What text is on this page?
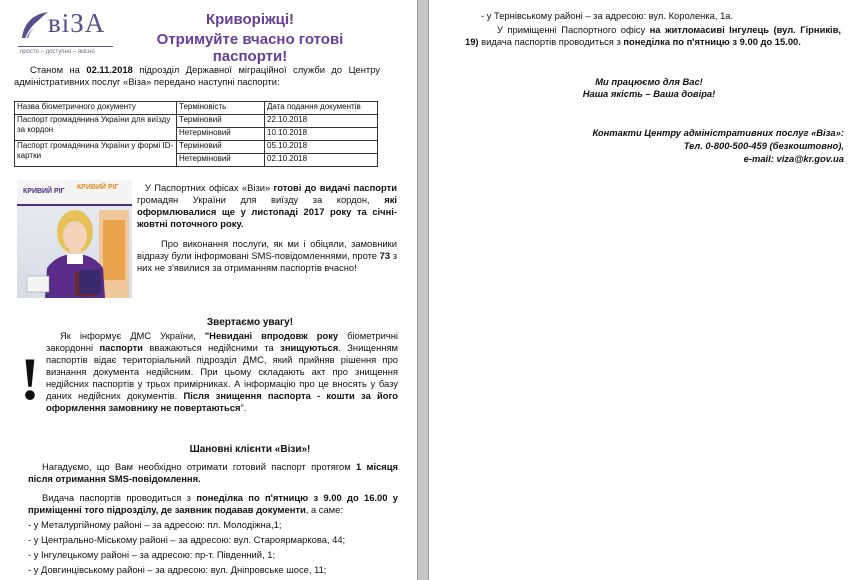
віЗА
просто – доступно – якісно
Криворіжці!
Отримуйте вчасно готові паспорти!
Станом на 02.11.2018 підрозділ Державної міграційної служби до Центру адміністративних послуг «Віза» передано наступні паспорти:
Назва біометричного документу	Терміновість	Дата подання документів
Паспорт громадянина України для виїзду за кордон	Терміновий	22.10.2018
	Нетерміновий	10.10.2018
Паспорт громадянина України у формі ID-картки	Терміновий	05.10.2018
	Нетерміновий	02.10.2018
КРИВИЙ РІГ
КРИВИЙ РІГ	У Паспортних офісах «Візи» готові до видачі паспорти громадян України для виїзду за кордон, які оформлювалися ще у листопаді 2017 року та січні-жовтні поточного року.
Про виконання послуги, як ми і обіцяли, замовники відразу були інформовані SMS-повідомленнями, проте 73 з них не з'явилися за отриманням паспортів вчасно!
Звертаємо увагу!
!
Як інформує ДМС України, "Невидані впродовж року біометричні закордонні паспорти вважаються недійсними та знищуються. Знищенням паспортів відає територіальний підрозділ ДМС, який прийняв рішення про визнання документа недійсним. При цьому складають акт про знищення недійсних паспортів у трьох примірниках. А інформацію про це вносять у базу даних недійсних документів. Після знищення паспорта - кошти за його оформлення замовнику не повертаються".
Шановні клієнти «Візи»!
Нагадуємо, що Вам необхідно отримати готовий паспорт протягом 1 місяця після отримання SMS-повідомлення.
Видача паспортів проводиться з понеділка по п'ятницю з 9.00 до 16.00 у приміщенні того підрозділу, де заявник подавав документи, а саме:
- у Металургійному районі – за адресою: пл. Молодіжна,1;
- у Центрально-Міському районі – за адресою: вул. Староярмаркова, 44;
- у Інгулецькому районі – за адресою: пр-т. Південний, 1;
- у Довгинцівському районі – за адресою: вул. Дніпровське шосе, 11;
- у Тернівському районі – за адресою: вул. Короленка, 1а.
У приміщенні Паспортного офісу на житломасиві Інгулець (вул. Гірників, 19) видача паспортів проводиться з понеділка по п'ятницю з 9.00 до 15.00.
Ми працюємо для Вас!
Наша якість – Ваша довіра!
Контакти Центру адміністративних послуг «Віза»:
Тел. 0-800-500-459 (безкоштовно),
e-mail: viza@kr.gov.ua
